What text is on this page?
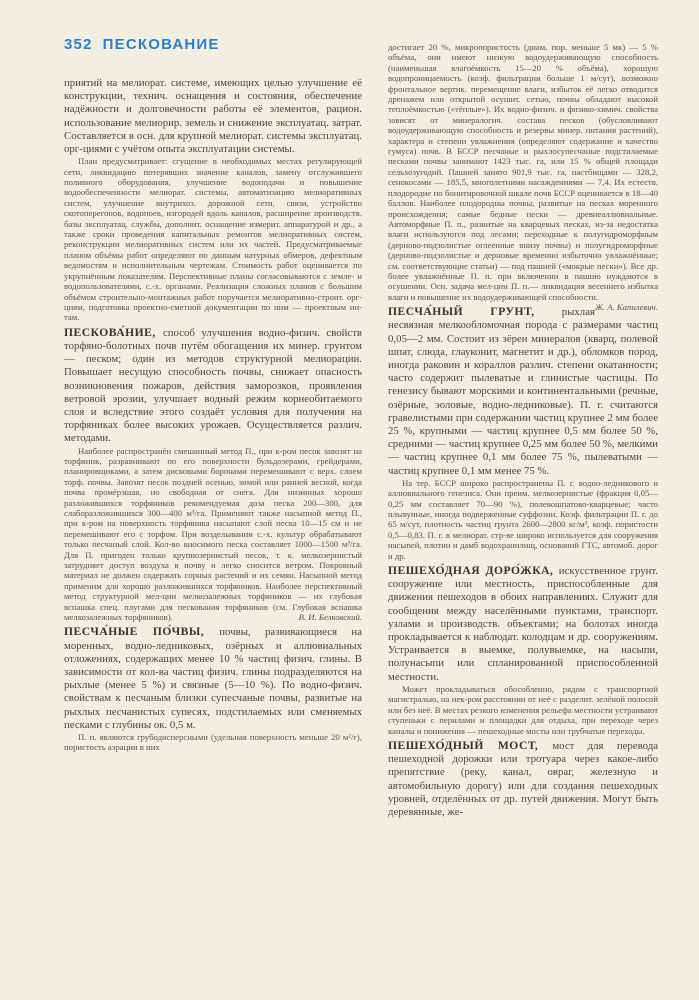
352 ПЕСКОВАНИЕ

приятий на мелиорат. системе, имеющих целью улучшение её конструкции, технич. оснащения и состояния, обеспечение надёжности и долговечности работы её элементов, рацион. использование мелиорир. земель и снижение эксплуатац. затрат. Составляется в осн. для крупной мелиорат. системы эксплуатац. орг-циями с учётом опыта эксплуатации системы.

План предусматривает: сгущение в необходимых местах регулирующей сети, ликвидацию потерявших значение каналов, замену отслужившего поливного оборудования, улучшение водоподачи и повышение водообеспеченности мелиорат. системы, автоматизацию мелиоративных систем, улучшение внутрихоз. дорожной сети, связи, устройство скотоперегонов, водопоев, изгородей вдоль каналов, расширение производств. базы эксплуатац. службы, дополнит. оснащение измерит. аппаратурой и др., а также сроки проведения капитальных ремонтов мелиоративных систем, реконструкции мелиоративных систем или их частей. Предусматриваемые планом объёмы работ определяют по данным натурных обмеров, дефектным ведомостям и исполнительным чертежам. Стоимость работ оценивается по укрупнённым показателям. Перспективные планы согласовываются с земле- и водопользователями, с.-х. органами. Реализация сложных планов с большим объёмом строительно-монтажных работ поручается мелиоративно-строит. орг-циям, подготовка проектно-сметной документации по ним — проектным ин-там.

ПЕСКОВА́НИЕ, способ улучшения водно-физич. свойств торфяно-болотных почв путём обогащения их минер. грунтом — песком; один из методов структурной мелиорации. Повышает несущую способность почвы, снижает опасность возникновения пожаров, действия заморозков, проявления ветровой эрозии, улучшает водный режим корнеобитаемого слоя и вследствие этого создаёт условия для получения на торфяниках более высоких урожаев. Осуществляется различ. методами.

Наиболее распространён смешанный метод П., при к-ром песок завозят на торфяник, разравнивают по его поверхности бульдозерами, грейдерами, планировщиками, а затем дисковыми боронами перемешивают с верх. слоем торф. почвы. Завозят песок поздней осенью, зимой или ранней весной, когда почва промёрзшая, но свободная от снега. Для низинных хорошо разложившихся торфяников рекомендуемая доза песка 200—300, для слаборазложившихся 300—400 м³/га. Применяют также насыпной метод П., при к-ром на поверхность торфяника насыпают слой песка 10—15 см и не перемешивают его с торфом. При возделывании с.-х. культур обрабатывают только песчаный слой. Кол-во вносимого песка составляет 1000—1500 м³/га. Для П. пригоден только крупнозернистый песок, т. к. мелкозернистый затрудняет доступ воздуха в почву и легко сносится ветром. Покровный материал не должен содержать сорных растений и их семян. Насыпной метод применим для хорошо разложившихся торфяников. Наиболее перспективный метод структурной мел-ции мелкозалежных торфяников — их глубокая вспашка спец. плугами для пескования торфяников (см. Глубокая вспашка мелкозалежных торфяников).	В. И. Белковский.

ПЕСЧА́НЫЕ ПО́ЧВЫ, почвы, развивающиеся на моренных, водно-ледниковых, озёрных и аллювиальных отложениях, содержащих менее 10 % частиц физич. глины. В зависимости от кол-ва частиц физич. глины подразделяются на рыхлые (менее 5 %) и связные (5—10 %). По водно-физич. свойствам к песчаным близки супесчаные почвы, развитые на рыхлых песчанистых супесях, подстилаемых или сменяемых песками с глубины ок. 0,5 м.

П. п. являются грубодисперсными (удельная поверхность меньше 20 м²/г), пористость аэрации в них

достигает 20 %, микропористость (диам. пор. меньше 5 мк) — 5 % объёма, они имеют низкую водоудерживающую способность (наименьшая влагоёмкость 15—20 % объёма), хорошую водопроницаемость (коэф. фильтрации больше 1 м/сут), возможно фронтальное вертик. перемещение влаги, избыток её легко отводится дренажем или открытой осушит. сетью, почвы обладают высокой теплоёмкостью («тёплые»). Их водно-физич. и физико-химич. свойства зависят от минералогич. состава песков (обусловливают водоудерживающую способность и резервы минер. питания растений), характера и степени увлажнения (определяют содержание и качество гумуса) почв. В БССР песчаные и рыхлосупесчаные подстилаемые песками почвы занимают 1423 тыс. га, или 15 % общей площади сельхозугодий. Пашней занято 901,9 тыс. га, пастбищами — 328,2, сенокосами — 185,5, многолетними насаждениями — 7,4. Их естеств. плодородие по бонитировочной шкале почв БССР оценивается в 18—40 баллов. Наиболее плодородны почвы, развитые на песках моренного происхождения; самые бедные пески — древнеаллювиальные. Автоморфные П. п., развитые на кварцевых песках, из-за недостатка влаги используются под лесами; переходные к полугидроморфным (дерново-подзолистые оглеенные внизу почвы) и полугидроморфные (дерново-подзолистые и дерновые временно избыточно увлажнённые; см. соответствующие статьи) — под пашней («мокрые пески»). Все др. более увлажнённые П. п. при включении в пашню нуждаются в осушении. Осн. задача мел-ции П. п.— ликвидация весеннего избытка влаги и повышение их водоудерживающей способности.
Ж. А. Капилевич.

ПЕСЧА́НЫЙ ГРУНТ, рыхлая несвязная мелкообломочная порода с размерами частиц 0,05—2 мм. Состоит из зёрен минералов (кварц, полевой шпат, слюда, глауконит, магнетит и др.), обломков пород, иногда раковин и кораллов различ. степени окатанности; часто содержит пылеватые и глинистые частицы. По генезису бывают морскими и континентальными (речные, озёрные, эоловые, водно-ледниковые). П. г. считаются гравелистыми при содержании частиц крупнее 2 мм более 25 %, крупными — частиц крупнее 0,5 мм более 50 %, средними — частиц крупнее 0,25 мм более 50 %, мелкими — частиц крупнее 0,1 мм более 75 %, пылеватыми — частиц крупнее 0,1 мм менее 75 %.

На тер. БССР широко распространены П. г. водно-ледникового и аллювиального генезиса. Они преим. мелкозернистые (фракция 0,05—0,25 мм составляет 70—90 %), полевошпатово-кварцевые; часто плывунные, иногда подверженные суффозии. Коэф. фильтрации П. г. до 65 м/сут, плотность частиц грунта 2600—2800 кг/м³, коэф. пористости 0,5—0,83. П. г. в мелиорат. стр-ве широко используется для сооружения насыпей, плотин и дамб водохранилищ, оснований ГТС, автомоб. дорог и др.

ПЕШЕХО́ДНАЯ ДОРО́ЖКА, искусственное грунт. сооружение или местность, приспособленные для движения пешеходов в обоих направлениях. Служит для сообщения между населёнными пунктами, транспорт. узлами и производств. объектами; на болотах иногда прокладывается к наблюдат. колодцам и др. сооружениям. Устраивается в выемке, полувыемке, на насыпи, полунасыпи или спланированной приспособленной местности.

Может прокладываться обособленно, рядом с транспортной магистралью, на нек-ром расстоянии от неё с разделит. зелёной полосой или без неё. В местах резкого изменения рельефа местности устраивают ступеньки с перилами и площадки для отдыха, при переходе через каналы и понижения — пешеходные мосты или трубчатые переходы.

ПЕШЕХО́ДНЫЙ МОСТ, мост для перевода пешеходной дорожки или тротуара через какое-либо препятствие (реку, канал, овраг, железную и автомобильную дорогу) или для создания пешеходных уровней, отделённых от др. путей движения. Могут быть деревянные, же-
